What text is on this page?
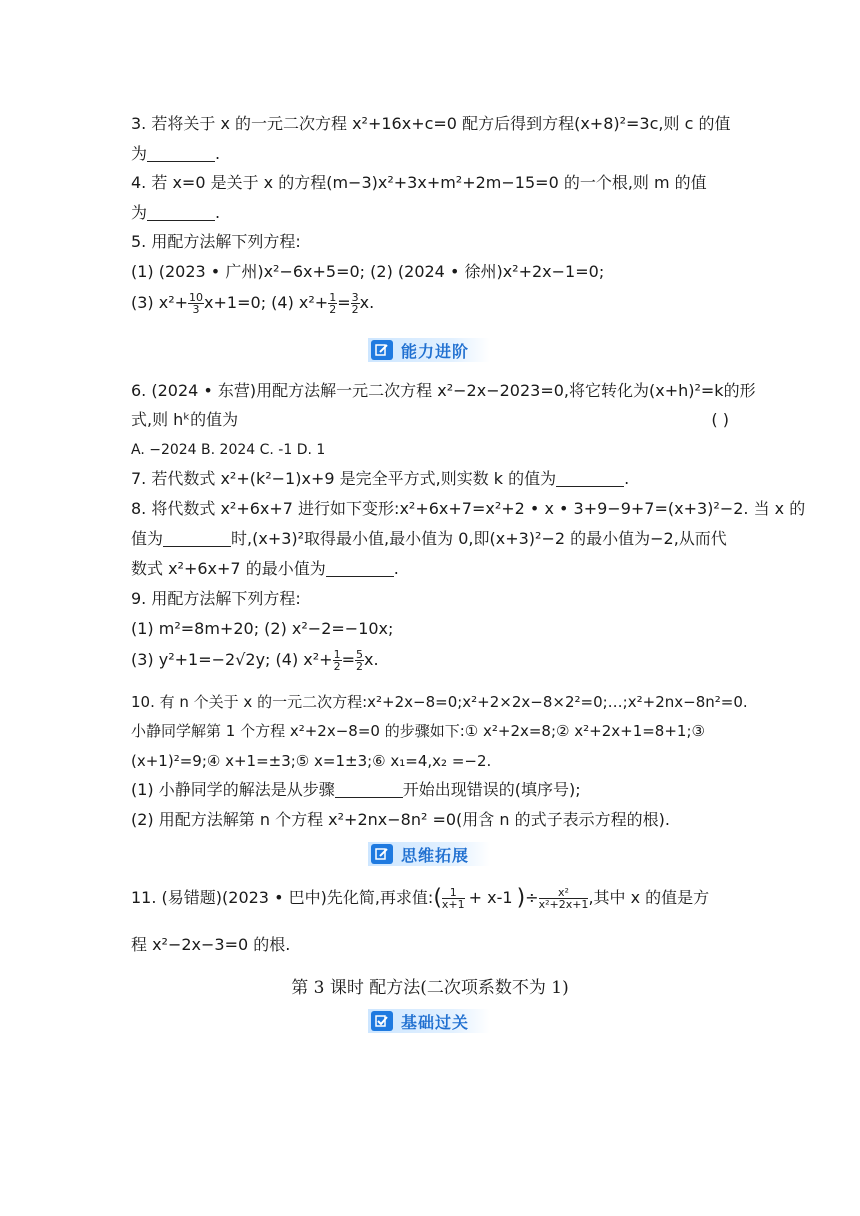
3. 若将关于 x 的一元二次方程 x²+16x+c=0 配方后得到方程(x+8)²=3c,则 c 的值
为	.
4. 若 x=0 是关于 x 的方程(m−3)x²+3x+m²+2m−15=0 的一个根,则 m 的值
为	.
5. 用配方法解下列方程:
(1) (2023 • 广州)x²−6x+5=0; (2) (2024 • 徐州)x²+2x−1=0;
(3) $x^2+ \frac{10}{3} x+1=0$; (4) $x^2+ \frac{1}{2} = \frac{3}{2} x$.
能力进阶
6. (2024 • 东营)用配方法解一元二次方程 x²−2x−2023=0,将它转化为(x+h)²=k的形
式,则 hᵏ的值为	( )
A. −2024 B. 2024 C. -1 D. 1
7. 若代数式 x²+(k²−1)x+9 是完全平方式,则实数 k 的值为	.
8. 将代数式 x²+6x+7 进行如下变形:x²+6x+7=x²+2 • x • 3+9−9+7=(x+3)²−2. 当 x 的
值为	时,(x+3)²取得最小值,最小值为 0,即(x+3)²−2 的最小值为−2,从而代
数式 x²+6x+7 的最小值为	.
9. 用配方法解下列方程:
(1) m²=8m+20; (2) x²−2=−10x;
(3) y²+1=−2√2y; (4) $x^2+ \frac{1}{2} = \frac{5}{2} x$.
10. 有 n 个关于 x 的一元二次方程:x²+2x−8=0;x²+2×2x−8×2²=0;…;x²+2nx−8n²=0.
小静同学解第 1 个方程 x²+2x−8=0 的步骤如下:① x²+2x=8;② x²+2x+1=8+1;③
(x+1)²=9;④ x+1=±3;⑤ x=1±3;⑥ x₁=4,x₂ =−2.
(1) 小静同学的解法是从步骤	开始出现错误的(填序号);
(2) 用配方法解第 n 个方程 x²+2nx−8n² =0(用含 n 的式子表示方程的根).
思维拓展
11. (易错题)(2023 • 巴中)先化简,再求值:( $\frac{1}{x+1} + x-1$ )÷ $\frac{\text{x²}}{\text{x²+2x+1}}$ ,其中 x 的值是方
程 x²−2x−3=0 的根.
第 3 课时 配方法(二次项系数不为 1)
基础过关
